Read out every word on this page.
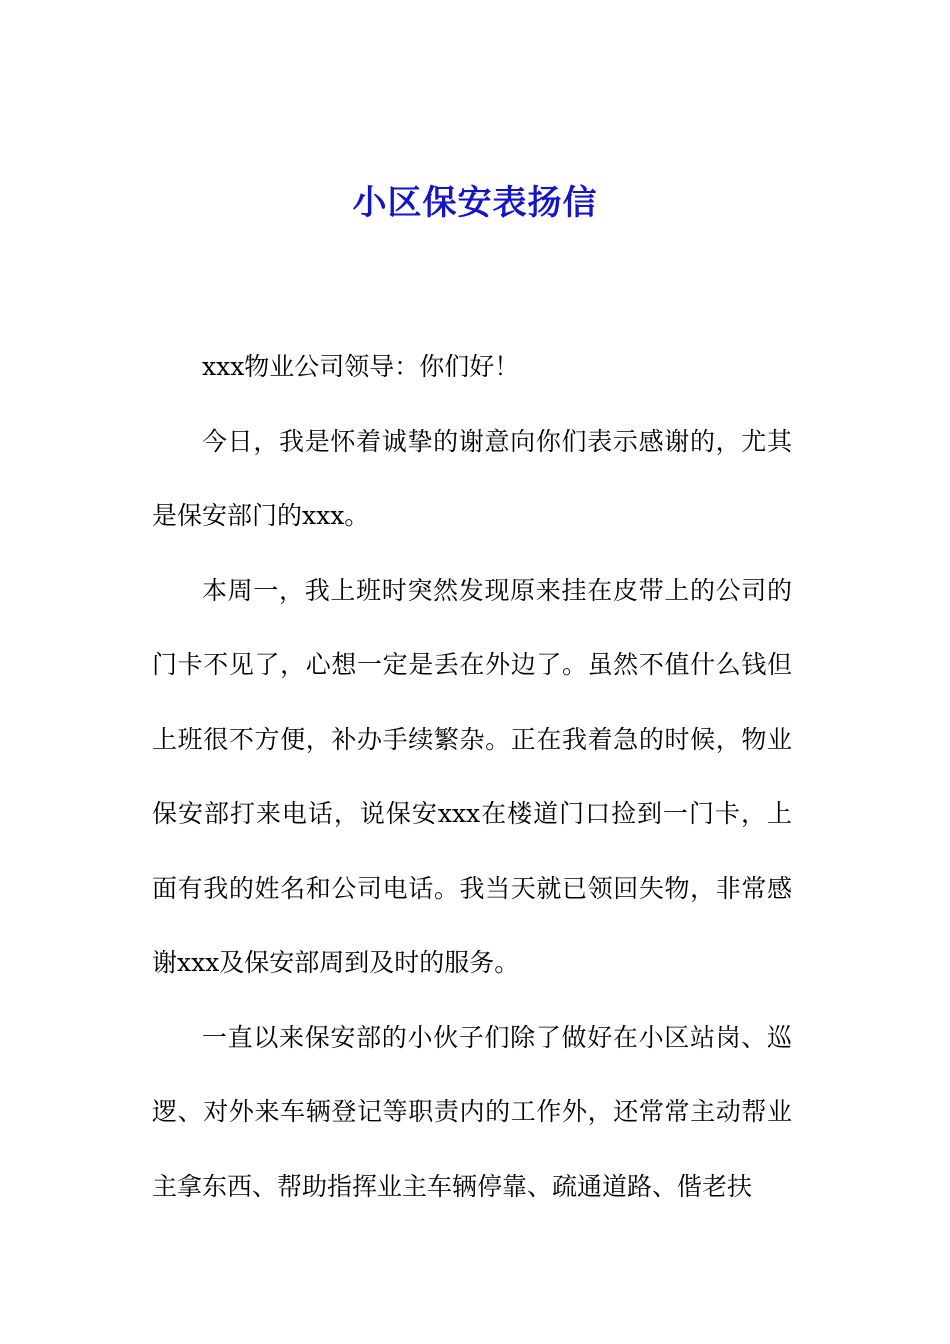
小区保安表扬信

xxx物业公司领导：你们好！

今日，我是怀着诚挚的谢意向你们表示感谢的，尤其是保安部门的xxx。

本周一，我上班时突然发现原来挂在皮带上的公司的门卡不见了，心想一定是丢在外边了。虽然不值什么钱但上班很不方便，补办手续繁杂。正在我着急的时候，物业保安部打来电话，说保安xxx在楼道门口捡到一门卡，上面有我的姓名和公司电话。我当天就已领回失物，非常感谢xxx及保安部周到及时的服务。

一直以来保安部的小伙子们除了做好在小区站岗、巡逻、对外来车辆登记等职责内的工作外，还常常主动帮业主拿东西、帮助指挥业主车辆停靠、疏通道路、偕老扶
